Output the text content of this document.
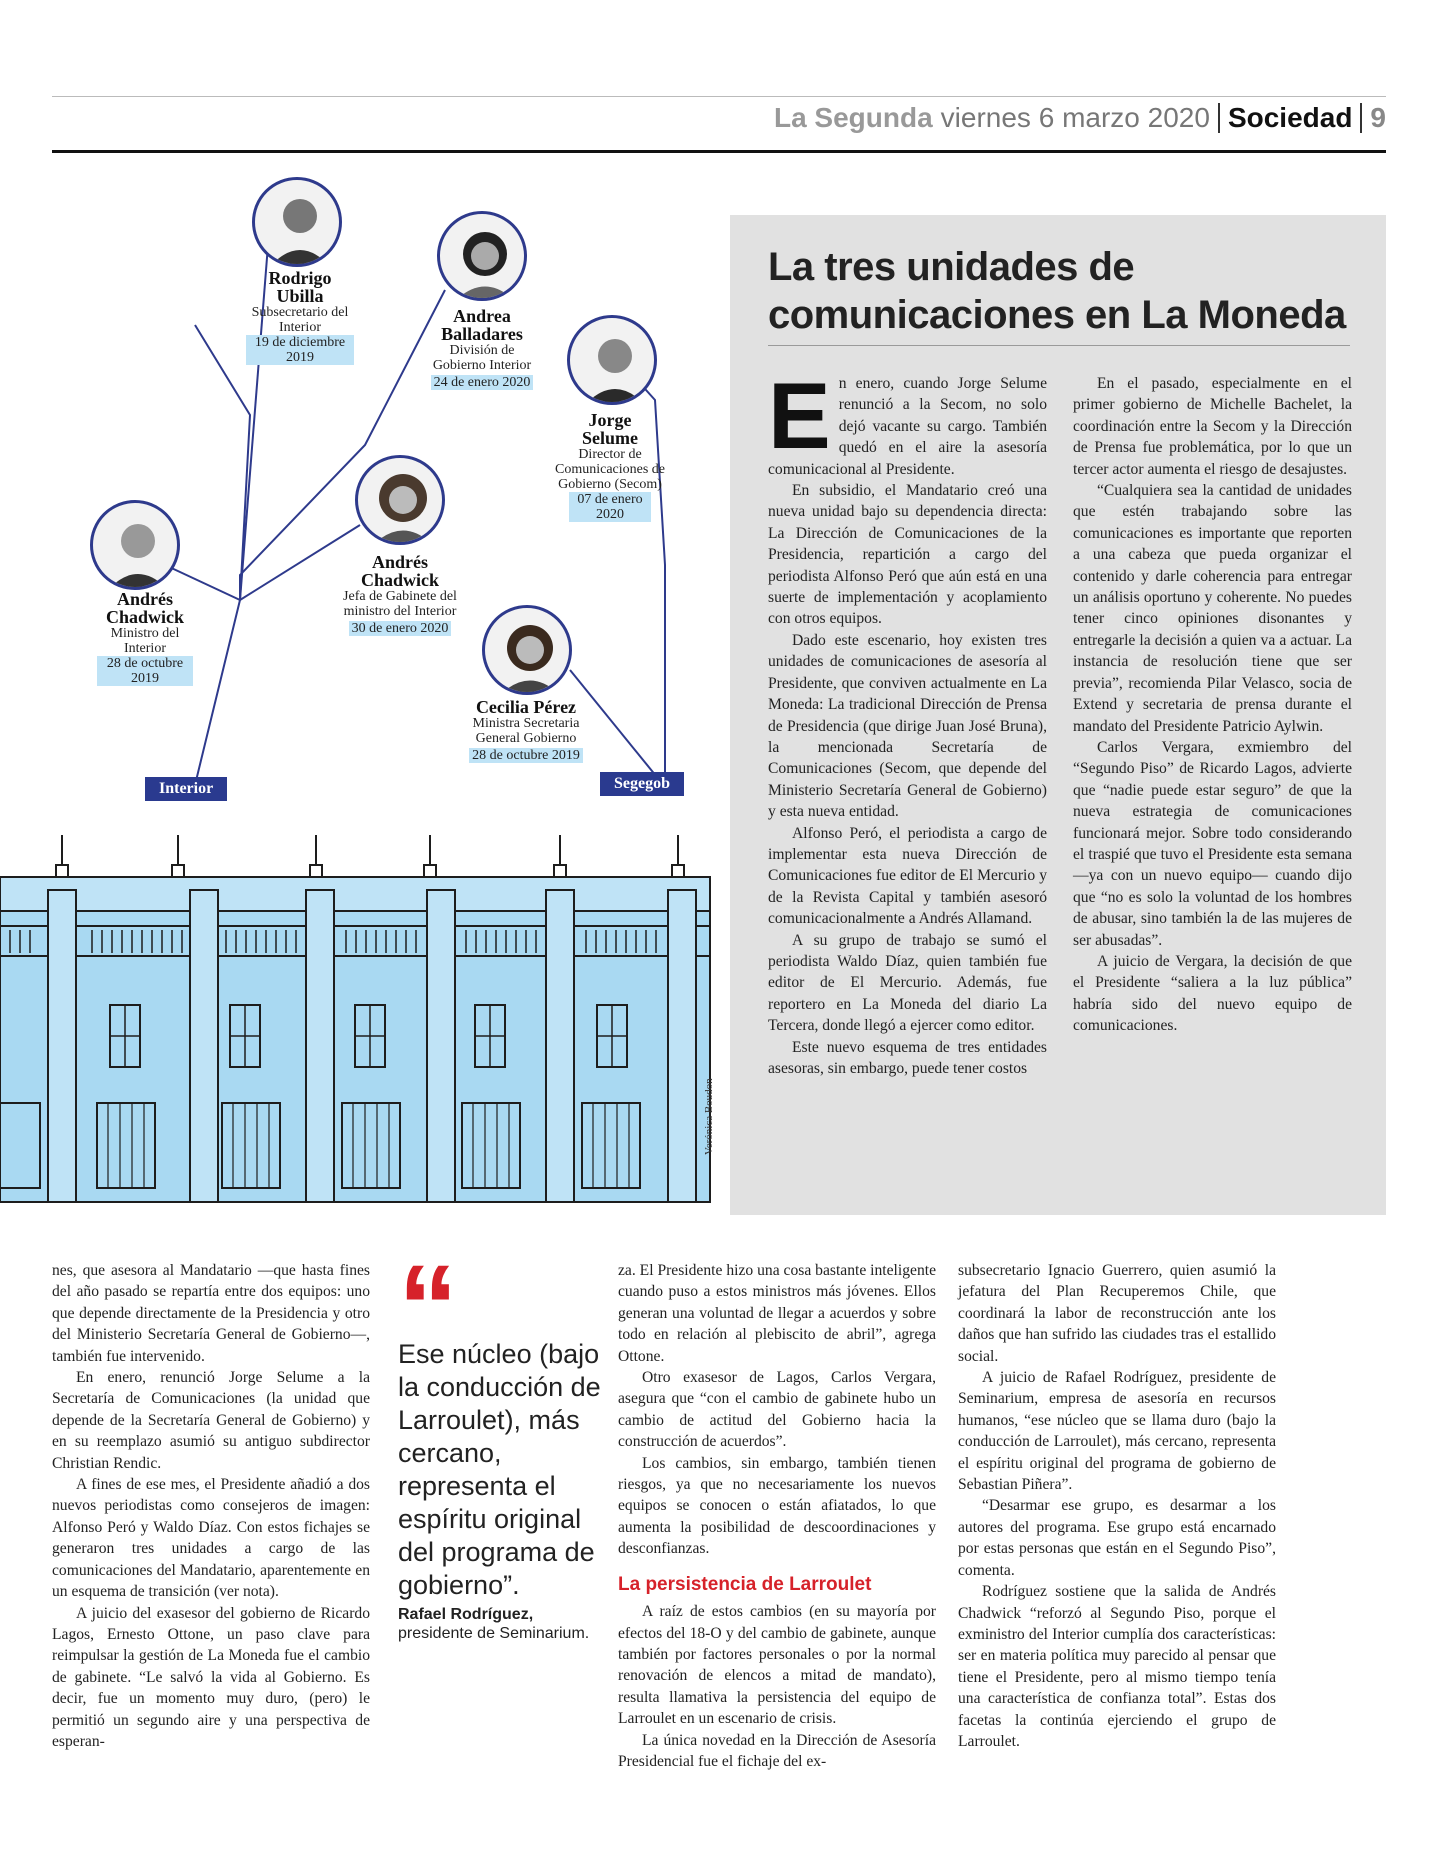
La Segunda viernes 6 marzo 2020 Sociedad 9
Rodrigo Ubilla
Subsecretario del Interior
19 de diciembre 2019
Andrea Balladares
División de Gobierno Interior
24 de enero 2020
Jorge Selume
Director de Comunicaciones de Gobierno (Secom)
07 de enero 2020
Andrés Chadwick
Jefa de Gabinete del ministro del Interior
30 de enero 2020
Andrés Chadwick
Ministro del Interior
28 de octubre 2019
Cecilia Pérez
Ministra Secretaria General Gobierno
28 de octubre 2019
Interior	Segegob
Verónica Boudon
La tres unidades de comunicaciones en La Moneda

En enero, cuando Jorge Selume renunció a la Secom, no solo dejó vacante su cargo. También quedó en el aire la asesoría comunicacional al Presidente.

En subsidio, el Mandatario creó una nueva unidad bajo su dependencia directa: La Dirección de Comunicaciones de la Presidencia, repartición a cargo del periodista Alfonso Peró que aún está en una suerte de implementación y acoplamiento con otros equipos.

Dado este escenario, hoy existen tres unidades de comunicaciones de asesoría al Presidente, que conviven actualmente en La Moneda: La tradicional Dirección de Prensa de Presidencia (que dirige Juan José Bruna), la mencionada Secretaría de Comunicaciones (Secom, que depende del Ministerio Secretaría General de Gobierno) y esta nueva entidad.

Alfonso Peró, el periodista a cargo de implementar esta nueva Dirección de Comunicaciones fue editor de El Mercurio y de la Revista Capital y también asesoró comunicacionalmente a Andrés Allamand.

A su grupo de trabajo se sumó el periodista Waldo Díaz, quien también fue editor de El Mercurio. Además, fue reportero en La Moneda del diario La Tercera, donde llegó a ejercer como editor.

Este nuevo esquema de tres entidades asesoras, sin embargo, puede tener costos

En el pasado, especialmente en el primer gobierno de Michelle Bachelet, la coordinación entre la Secom y la Dirección de Prensa fue problemática, por lo que un tercer actor aumenta el riesgo de desajustes.

“Cualquiera sea la cantidad de unidades que estén trabajando sobre las comunicaciones es importante que reporten a una cabeza que pueda organizar el contenido y darle coherencia para entregar un análisis oportuno y coherente. No puedes tener cinco opiniones disonantes y entregarle la decisión a quien va a actuar. La instancia de resolución tiene que ser previa”, recomienda Pilar Velasco, socia de Extend y secretaria de prensa durante el mandato del Presidente Patricio Aylwin.

Carlos Vergara, exmiembro del “Segundo Piso” de Ricardo Lagos, advierte que “nadie puede estar seguro” de que la nueva estrategia de comunicaciones funcionará mejor. Sobre todo considerando el traspié que tuvo el Presidente esta semana —ya con un nuevo equipo— cuando dijo que “no es solo la voluntad de los hombres de abusar, sino también la de las mujeres de ser abusadas”.

A juicio de Vergara, la decisión de que el Presidente “saliera a la luz pública” habría sido del nuevo equipo de comunicaciones.

nes, que asesora al Mandatario —que hasta fines del año pasado se repartía entre dos equipos: uno que depende directamente de la Presidencia y otro del Ministerio Secretaría General de Gobierno—, también fue intervenido.

En enero, renunció Jorge Selume a la Secretaría de Comunicaciones (la unidad que depende de la Secretaría General de Gobierno) y en su reemplazo asumió su antiguo subdirector Christian Rendic.

A fines de ese mes, el Presidente añadió a dos nuevos periodistas como consejeros de imagen: Alfonso Peró y Waldo Díaz. Con estos fichajes se generaron tres unidades a cargo de las comunicaciones del Mandatario, aparentemente en un esquema de transición (ver nota).

A juicio del exasesor del gobierno de Ricardo Lagos, Ernesto Ottone, un paso clave para reimpulsar la gestión de La Moneda fue el cambio de gabinete. “Le salvó la vida al Gobierno. Es decir, fue un momento muy duro, (pero) le permitió un segundo aire y una perspectiva de esperan-

“
Ese núcleo (bajo la conducción de Larroulet), más cercano, representa el espíritu original del programa de gobierno”.
Rafael Rodríguez,
presidente de Seminarium.

za. El Presidente hizo una cosa bastante inteligente cuando puso a estos ministros más jóvenes. Ellos generan una voluntad de llegar a acuerdos y sobre todo en relación al plebiscito de abril”, agrega Ottone.

Otro exasesor de Lagos, Carlos Vergara, asegura que “con el cambio de gabinete hubo un cambio de actitud del Gobierno hacia la construcción de acuerdos”.

Los cambios, sin embargo, también tienen riesgos, ya que no necesariamente los nuevos equipos se conocen o están afiatados, lo que aumenta la posibilidad de descoordinaciones y desconfianzas.

La persistencia de Larroulet

A raíz de estos cambios (en su mayoría por efectos del 18-O y del cambio de gabinete, aunque también por factores personales o por la normal renovación de elencos a mitad de mandato), resulta llamativa la persistencia del equipo de Larroulet en un escenario de crisis.

La única novedad en la Dirección de Asesoría Presidencial fue el fichaje del ex-

subsecretario Ignacio Guerrero, quien asumió la jefatura del Plan Recuperemos Chile, que coordinará la labor de reconstrucción ante los daños que han sufrido las ciudades tras el estallido social.

A juicio de Rafael Rodríguez, presidente de Seminarium, empresa de asesoría en recursos humanos, “ese núcleo que se llama duro (bajo la conducción de Larroulet), más cercano, representa el espíritu original del programa de gobierno de Sebastian Piñera”.

“Desarmar ese grupo, es desarmar a los autores del programa. Ese grupo está encarnado por estas personas que están en el Segundo Piso”, comenta.

Rodríguez sostiene que la salida de Andrés Chadwick “reforzó al Segundo Piso, porque el exministro del Interior cumplía dos características: ser en materia política muy parecido al pensar que tiene el Presidente, pero al mismo tiempo tenía una característica de confianza total”. Estas dos facetas la continúa ejerciendo el grupo de Larroulet.
